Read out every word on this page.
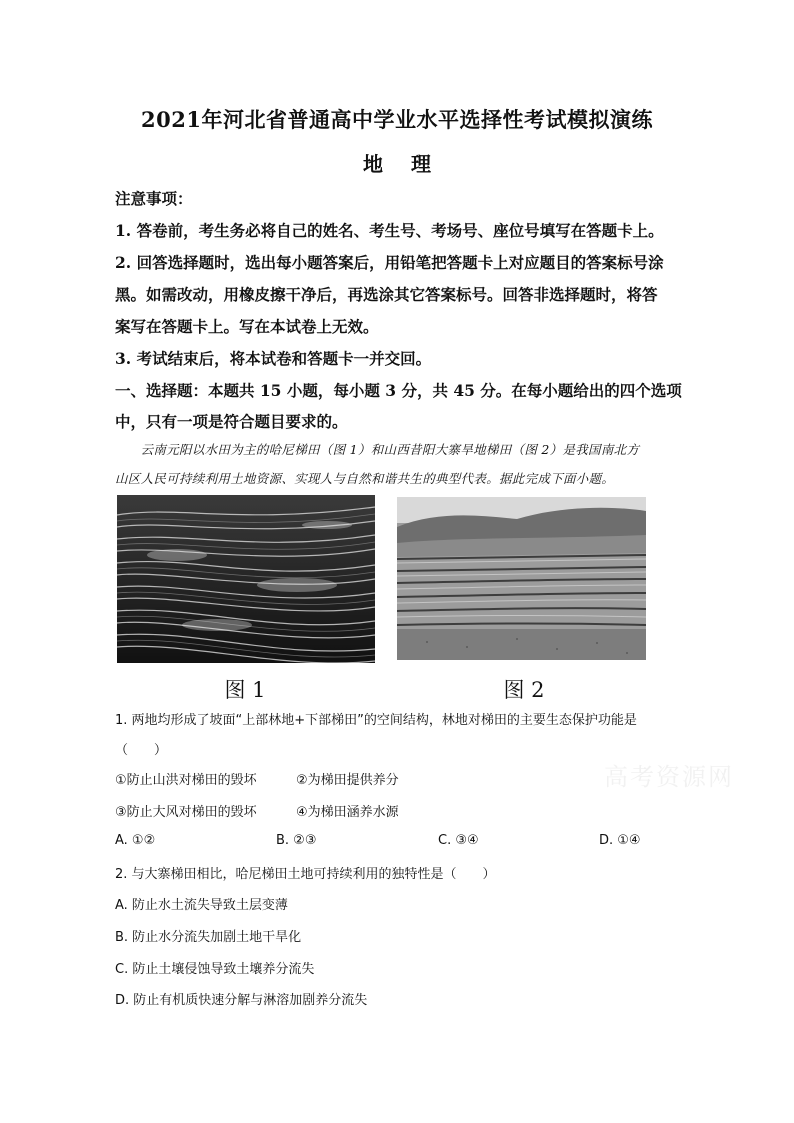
2021年河北省普通高中学业水平选择性考试模拟演练
地 理
注意事项：
1. 答卷前，考生务必将自己的姓名、考生号、考场号、座位号填写在答题卡上。
2. 回答选择题时，选出每小题答案后，用铅笔把答题卡上对应题目的答案标号涂
黑。如需改动，用橡皮擦干净后，再选涂其它答案标号。回答非选择题时，将答
案写在答题卡上。写在本试卷上无效。
3. 考试结束后，将本试卷和答题卡一并交回。
一、选择题：本题共 15 小题，每小题 3 分，共 45 分。在每小题给出的四个选项
中，只有一项是符合题目要求的。
　　云南元阳以水田为主的哈尼梯田（图 1）和山西昔阳大寨旱地梯田（图 2）是我国南北方
山区人民可持续利用土地资源、实现人与自然和谐共生的典型代表。据此完成下面小题。
图 1	图 2
1. 两地均形成了坡面“上部林地+下部梯田”的空间结构，林地对梯田的主要生态保护功能是
（　　）
①防止山洪对梯田的毁坏	②为梯田提供养分
③防止大风对梯田的毁坏	④为梯田涵养水源
A. ①②	B. ②③	C. ③④	D. ①④
2. 与大寨梯田相比，哈尼梯田土地可持续利用的独特性是（　　）
A. 防止水土流失导致土层变薄
B. 防止水分流失加剧土地干旱化
C. 防止土壤侵蚀导致土壤养分流失
D. 防止有机质快速分解与淋溶加剧养分流失
高考资源网
